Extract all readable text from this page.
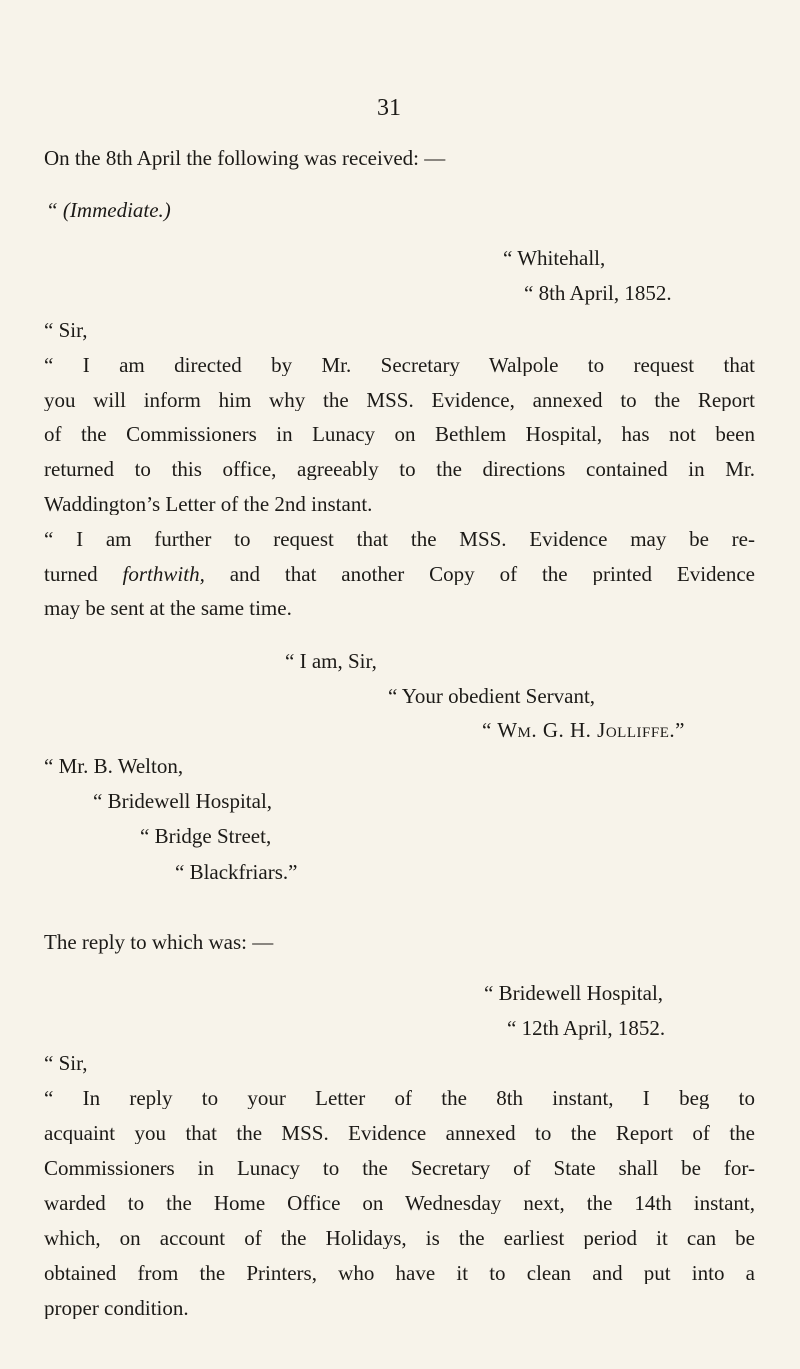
31
On the 8th April the following was received: —
“ (Immediate.)
“ Whitehall,
“ 8th April, 1852.
“ Sir,
“ I am directed by Mr. Secretary Walpole to request that
you will inform him why the MSS. Evidence, annexed to the Report
of the Commissioners in Lunacy on Bethlem Hospital, has not been
returned to this office, agreeably to the directions contained in Mr.
Waddington’s Letter of the 2nd instant.
“ I am further to request that the MSS. Evidence may be re-
turned forthwith, and that another Copy of the printed Evidence
may be sent at the same time.
“ I am, Sir,
“ Your obedient Servant,
“ Wm. G. H. Jolliffe.”
“ Mr. B. Welton,
“ Bridewell Hospital,
“ Bridge Street,
“ Blackfriars.”
The reply to which was: —
“ Bridewell Hospital,
“ 12th April, 1852.
“ Sir,
“ In reply to your Letter of the 8th instant, I beg to
acquaint you that the MSS. Evidence annexed to the Report of the
Commissioners in Lunacy to the Secretary of State shall be for-
warded to the Home Office on Wednesday next, the 14th instant,
which, on account of the Holidays, is the earliest period it can be
obtained from the Printers, who have it to clean and put into a
proper condition.
